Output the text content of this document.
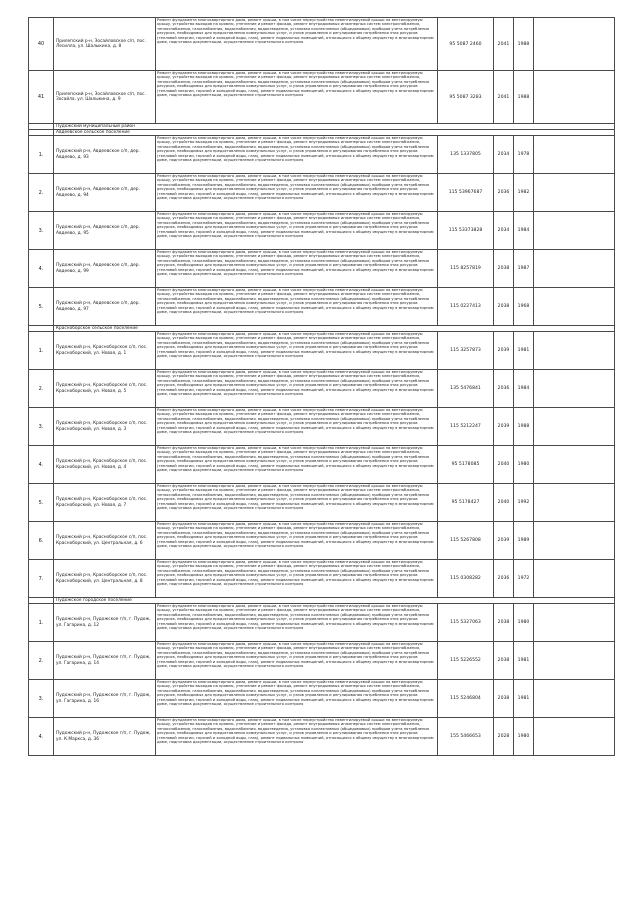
40	Прилепский р-н, Зосайловское с/п, пос. Лесилла, ул. Шалыкина, д. 8	Ремонт фундамента многоквартирного дома, ремонт крыши, в том числе переустройство невентилируемой крыши на вентилируемую крышу, устройство выходов на кровлю, утепление и ремонт фасада, ремонт внутридомовых инженерных систем электроснабжения, теплоснабжения, газоснабжения, водоснабжения, водоотведения, установка коллективных (общедомовых) приборов учета потребления ресурсов, необходимых для предоставления коммунальных услуг, и узлов управления и регулирования потребления этих ресурсов (тепловой энергии, горячей и холодной воды, газа), ремонт подвальных помещений, относящихся к общему имуществу в многоквартирном доме, подготовка документации, осуществление строительного контроля	95 5087 2460	2041	1988	
41	Прилепский р-н, Зосайловское с/п, пос. Зосайла, ул. Шалыкина, д. 9	Ремонт фундамента многоквартирного дома, ремонт крыши, в том числе переустройство невентилируемой крыши на вентилируемую крышу, устройство выходов на кровлю, утепление и ремонт фасада, ремонт внутридомовых инженерных систем электроснабжения, теплоснабжения, газоснабжения, водоснабжения, водоотведения, установка коллективных (общедомовых) приборов учета потребления ресурсов, необходимых для предоставления коммунальных услуг, и узлов управления и регулирования потребления этих ресурсов (тепловой энергии, горячей и холодной воды, газа), ремонт подвальных помещений, относящихся к общему имуществу в многоквартирном доме, подготовка документации, осуществление строительного контроля	95 5087 3283	2041	1988	
	Пудожский муниципальный район					
	Авдеевское сельское поселение					
1.	Пудожский р-н, Авдеевское с/п, дер. Авдеево, д. 93	Ремонт фундамента многоквартирного дома, ремонт крыши, в том числе переустройство невентилируемой крыши на вентилируемую крышу, устройство выходов на кровлю, утепление и ремонт фасада, ремонт внутридомовых инженерных систем электроснабжения, теплоснабжения, газоснабжения, водоснабжения, водоотведения, установка коллективных (общедомовых) приборов учета потребления ресурсов, необходимых для предоставления коммунальных услуг, и узлов управления и регулирования потребления этих ресурсов (тепловой энергии, горячей и холодной воды, газа), ремонт подвальных помещений, относящихся к общему имуществу в многоквартирном доме, подготовка документации, осуществление строительного контроля	135 1337805	2034	1978	
2.	Пудожский р-н, Авдеевское с/п, дер. Авдеево, д. 94	Ремонт фундамента многоквартирного дома, ремонт крыши, в том числе переустройство невентилируемой крыши на вентилируемую крышу, устройство выходов на кровлю, утепление и ремонт фасада, ремонт внутридомовых инженерных систем электроснабжения, теплоснабжения, газоснабжения, водоснабжения, водоотведения, установка коллективных (общедомовых) приборов учета потребления ресурсов, необходимых для предоставления коммунальных услуг, и узлов управления и регулирования потребления этих ресурсов (тепловой энергии, горячей и холодной воды, газа), ремонт подвальных помещений, относящихся к общему имуществу в многоквартирном доме, подготовка документации, осуществление строительного контроля	115 53967687	2036	1982	
3.	Пудожский р-н, Авдеевское с/п, дер. Авдеево, д. 95	Ремонт фундамента многоквартирного дома, ремонт крыши, в том числе переустройство невентилируемой крыши на вентилируемую крышу, устройство выходов на кровлю, утепление и ремонт фасада, ремонт внутридомовых инженерных систем электроснабжения, теплоснабжения, газоснабжения, водоснабжения, водоотведения, установка коллективных (общедомовых) приборов учета потребления ресурсов, необходимых для предоставления коммунальных услуг, и узлов управления и регулирования потребления этих ресурсов (тепловой энергии, горячей и холодной воды, газа), ремонт подвальных помещений, относящихся к общему имуществу в многоквартирном доме, подготовка документации, осуществление строительного контроля	115 53373828	2034	1984	
4.	Пудожский р-н, Авдеевское с/п, дер. Авдеево, д. 99	Ремонт фундамента многоквартирного дома, ремонт крыши, в том числе переустройство невентилируемой крыши на вентилируемую крышу, устройство выходов на кровлю, утепление и ремонт фасада, ремонт внутридомовых инженерных систем электроснабжения, теплоснабжения, газоснабжения, водоснабжения, водоотведения, установка коллективных (общедомовых) приборов учета потребления ресурсов, необходимых для предоставления коммунальных услуг, и узлов управления и регулирования потребления этих ресурсов (тепловой энергии, горячей и холодной воды, газа), ремонт подвальных помещений, относящихся к общему имуществу в многоквартирном доме, подготовка документации, осуществление строительного контроля	115 8257819	2038	1987	
5.	Пудожский р-н, Авдеевское с/п, дер. Авдеево, д. 97	Ремонт фундамента многоквартирного дома, ремонт крыши, в том числе переустройство невентилируемой крыши на вентилируемую крышу, устройство выходов на кровлю, утепление и ремонт фасада, ремонт внутридомовых инженерных систем электроснабжения, теплоснабжения, газоснабжения, водоснабжения, водоотведения, установка коллективных (общедомовых) приборов учета потребления ресурсов, необходимых для предоставления коммунальных услуг, и узлов управления и регулирования потребления этих ресурсов (тепловой энергии, горячей и холодной воды, газа), ремонт подвальных помещений, относящихся к общему имуществу в многоквартирном доме, подготовка документации, осуществление строительного контроля	115 0227413	2038	1968	
	Красноборское сельское поселение					
1.	Пудожский р-н, Красноборское с/п, пос. Красноборский, ул. Новая, д. 1	Ремонт фундамента многоквартирного дома, ремонт крыши, в том числе переустройство невентилируемой крыши на вентилируемую крышу, устройство выходов на кровлю, утепление и ремонт фасада, ремонт внутридомовых инженерных систем электроснабжения, теплоснабжения, газоснабжения, водоснабжения, водоотведения, установка коллективных (общедомовых) приборов учета потребления ресурсов, необходимых для предоставления коммунальных услуг, и узлов управления и регулирования потребления этих ресурсов (тепловой энергии, горячей и холодной воды, газа), ремонт подвальных помещений, относящихся к общему имуществу в многоквартирном доме, подготовка документации, осуществление строительного контроля	115 3257873	2039	1981	
2.	Пудожский р-н, Красноборское с/п, пос. Красноборский, ул. Новая, д. 5	Ремонт фундамента многоквартирного дома, ремонт крыши, в том числе переустройство невентилируемой крыши на вентилируемую крышу, устройство выходов на кровлю, утепление и ремонт фасада, ремонт внутридомовых инженерных систем электроснабжения, теплоснабжения, газоснабжения, водоснабжения, водоотведения, установка коллективных (общедомовых) приборов учета потребления ресурсов, необходимых для предоставления коммунальных услуг, и узлов управления и регулирования потребления этих ресурсов (тепловой энергии, горячей и холодной воды, газа), ремонт подвальных помещений, относящихся к общему имуществу в многоквартирном доме, подготовка документации, осуществление строительного контроля	135 5476841	2036	1984	
3.	Пудожский р-н, Красноборское с/п, пос. Красноборский, ул. Новая, д. 3	Ремонт фундамента многоквартирного дома, ремонт крыши, в том числе переустройство невентилируемой крыши на вентилируемую крышу, устройство выходов на кровлю, утепление и ремонт фасада, ремонт внутридомовых инженерных систем электроснабжения, теплоснабжения, газоснабжения, водоснабжения, водоотведения, установка коллективных (общедомовых) приборов учета потребления ресурсов, необходимых для предоставления коммунальных услуг, и узлов управления и регулирования потребления этих ресурсов (тепловой энергии, горячей и холодной воды, газа), ремонт подвальных помещений, относящихся к общему имуществу в многоквартирном доме, подготовка документации, осуществление строительного контроля	115 5212247	2039	1988	
4.	Пудожский р-н, Красноборское с/п, пос. Красноборский, ул. Новая, д. 4	Ремонт фундамента многоквартирного дома, ремонт крыши, в том числе переустройство невентилируемой крыши на вентилируемую крышу, устройство выходов на кровлю, утепление и ремонт фасада, ремонт внутридомовых инженерных систем электроснабжения, теплоснабжения, газоснабжения, водоснабжения, водоотведения, установка коллективных (общедомовых) приборов учета потребления ресурсов, необходимых для предоставления коммунальных услуг, и узлов управления и регулирования потребления этих ресурсов (тепловой энергии, горячей и холодной воды, газа), ремонт подвальных помещений, относящихся к общему имуществу в многоквартирном доме, подготовка документации, осуществление строительного контроля	95 5178085	2040	1980	
5.	Пудожский р-н, Красноборское с/п, пос. Красноборский, ул. Новая, д. 7	Ремонт фундамента многоквартирного дома, ремонт крыши, в том числе переустройство невентилируемой крыши на вентилируемую крышу, устройство выходов на кровлю, утепление и ремонт фасада, ремонт внутридомовых инженерных систем электроснабжения, теплоснабжения, газоснабжения, водоснабжения, водоотведения, установка коллективных (общедомовых) приборов учета потребления ресурсов, необходимых для предоставления коммунальных услуг, и узлов управления и регулирования потребления этих ресурсов (тепловой энергии, горячей и холодной воды, газа), ремонт подвальных помещений, относящихся к общему имуществу в многоквартирном доме, подготовка документации, осуществление строительного контроля	95 5178427	2040	1992	
6.	Пудожский р-н, Красноборское с/п, пос. Красноборский, ул. Центральная, д. 6	Ремонт фундамента многоквартирного дома, ремонт крыши, в том числе переустройство невентилируемой крыши на вентилируемую крышу, устройство выходов на кровлю, утепление и ремонт фасада, ремонт внутридомовых инженерных систем электроснабжения, теплоснабжения, газоснабжения, водоснабжения, водоотведения, установка коллективных (общедомовых) приборов учета потребления ресурсов, необходимых для предоставления коммунальных услуг, и узлов управления и регулирования потребления этих ресурсов (тепловой энергии, горячей и холодной воды, газа), ремонт подвальных помещений, относящихся к общему имуществу в многоквартирном доме, подготовка документации, осуществление строительного контроля	115 5267808	2039	1989	
7.	Пудожский р-н, Красноборское с/п, пос. Красноборский, ул. Центральная, д. 8	Ремонт фундамента многоквартирного дома, ремонт крыши, в том числе переустройство невентилируемой крыши на вентилируемую крышу, устройство выходов на кровлю, утепление и ремонт фасада, ремонт внутридомовых инженерных систем электроснабжения, теплоснабжения, газоснабжения, водоснабжения, водоотведения, установка коллективных (общедомовых) приборов учета потребления ресурсов, необходимых для предоставления коммунальных услуг, и узлов управления и регулирования потребления этих ресурсов (тепловой энергии, горячей и холодной воды, газа), ремонт подвальных помещений, относящихся к общему имуществу в многоквартирном доме, подготовка документации, осуществление строительного контроля	115 0308282	2036	1972	
	Пудожское городское поселение					
1.	Пудожский р-н, Пудожское г/п, г. Пудож, ул. Гагарина, д. 12	Ремонт фундамента многоквартирного дома, ремонт крыши, в том числе переустройство невентилируемой крыши на вентилируемую крышу, устройство выходов на кровлю, утепление и ремонт фасада, ремонт внутридомовых инженерных систем электроснабжения, теплоснабжения, газоснабжения, водоснабжения, водоотведения, установка коллективных (общедомовых) приборов учета потребления ресурсов, необходимых для предоставления коммунальных услуг, и узлов управления и регулирования потребления этих ресурсов (тепловой энергии, горячей и холодной воды, газа), ремонт подвальных помещений, относящихся к общему имуществу в многоквартирном доме, подготовка документации, осуществление строительного контроля	115 5327063	2038	1980	
2.	Пудожский р-н, Пудожское г/п, г. Пудож, ул. Гагарина, д. 14	Ремонт фундамента многоквартирного дома, ремонт крыши, в том числе переустройство невентилируемой крыши на вентилируемую крышу, устройство выходов на кровлю, утепление и ремонт фасада, ремонт внутридомовых инженерных систем электроснабжения, теплоснабжения, газоснабжения, водоснабжения, водоотведения, установка коллективных (общедомовых) приборов учета потребления ресурсов, необходимых для предоставления коммунальных услуг, и узлов управления и регулирования потребления этих ресурсов (тепловой энергии, горячей и холодной воды, газа), ремонт подвальных помещений, относящихся к общему имуществу в многоквартирном доме, подготовка документации, осуществление строительного контроля	115 5226552	2038	1981	
3.	Пудожский р-н, Пудожское г/п, г. Пудож, ул. Гагарина, д. 16	Ремонт фундамента многоквартирного дома, ремонт крыши, в том числе переустройство невентилируемой крыши на вентилируемую крышу, устройство выходов на кровлю, утепление и ремонт фасада, ремонт внутридомовых инженерных систем электроснабжения, теплоснабжения, газоснабжения, водоснабжения, водоотведения, установка коллективных (общедомовых) приборов учета потребления ресурсов, необходимых для предоставления коммунальных услуг, и узлов управления и регулирования потребления этих ресурсов (тепловой энергии, горячей и холодной воды, газа), ремонт подвальных помещений, относящихся к общему имуществу в многоквартирном доме, подготовка документации, осуществление строительного контроля	115 5246804	2038	1981	
4.	Пудожский р-н, Пудожское г/п, г. Пудож, ул. К.Маркса, д. 36	Ремонт фундамента многоквартирного дома, ремонт крыши, в том числе переустройство невентилируемой крыши на вентилируемую крышу, устройство выходов на кровлю, утепление и ремонт фасада, ремонт внутридомовых инженерных систем электроснабжения, теплоснабжения, газоснабжения, водоснабжения, водоотведения, установка коллективных (общедомовых) приборов учета потребления ресурсов, необходимых для предоставления коммунальных услуг, и узлов управления и регулирования потребления этих ресурсов (тепловой энергии, горячей и холодной воды, газа), ремонт подвальных помещений, относящихся к общему имуществу в многоквартирном доме, подготовка документации, осуществление строительного контроля	155 5466653	2028	1980	
